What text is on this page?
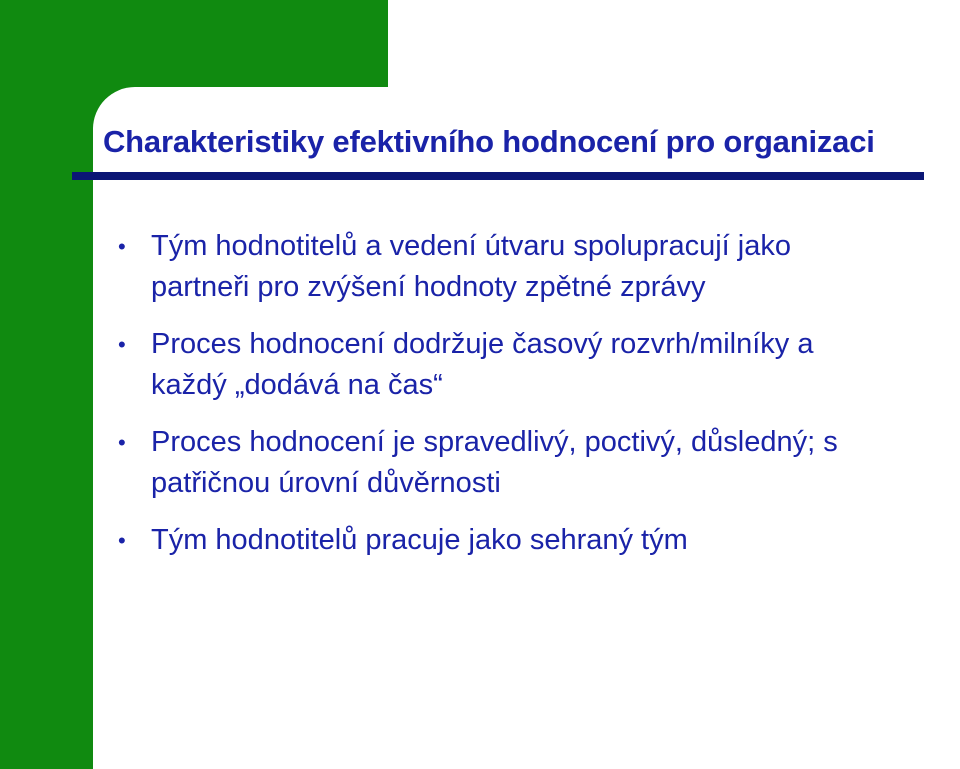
Charakteristiky efektivního hodnocení pro organizaci
• Tým hodnotitelů a vedení útvaru spolupracují jako
partneři pro zvýšení hodnoty zpětné zprávy
• Proces hodnocení dodržuje časový rozvrh/milníky a
každý „dodává na čas“
• Proces hodnocení je spravedlivý, poctivý, důsledný; s
patřičnou úrovní důvěrnosti
• Tým hodnotitelů pracuje jako sehraný tým
